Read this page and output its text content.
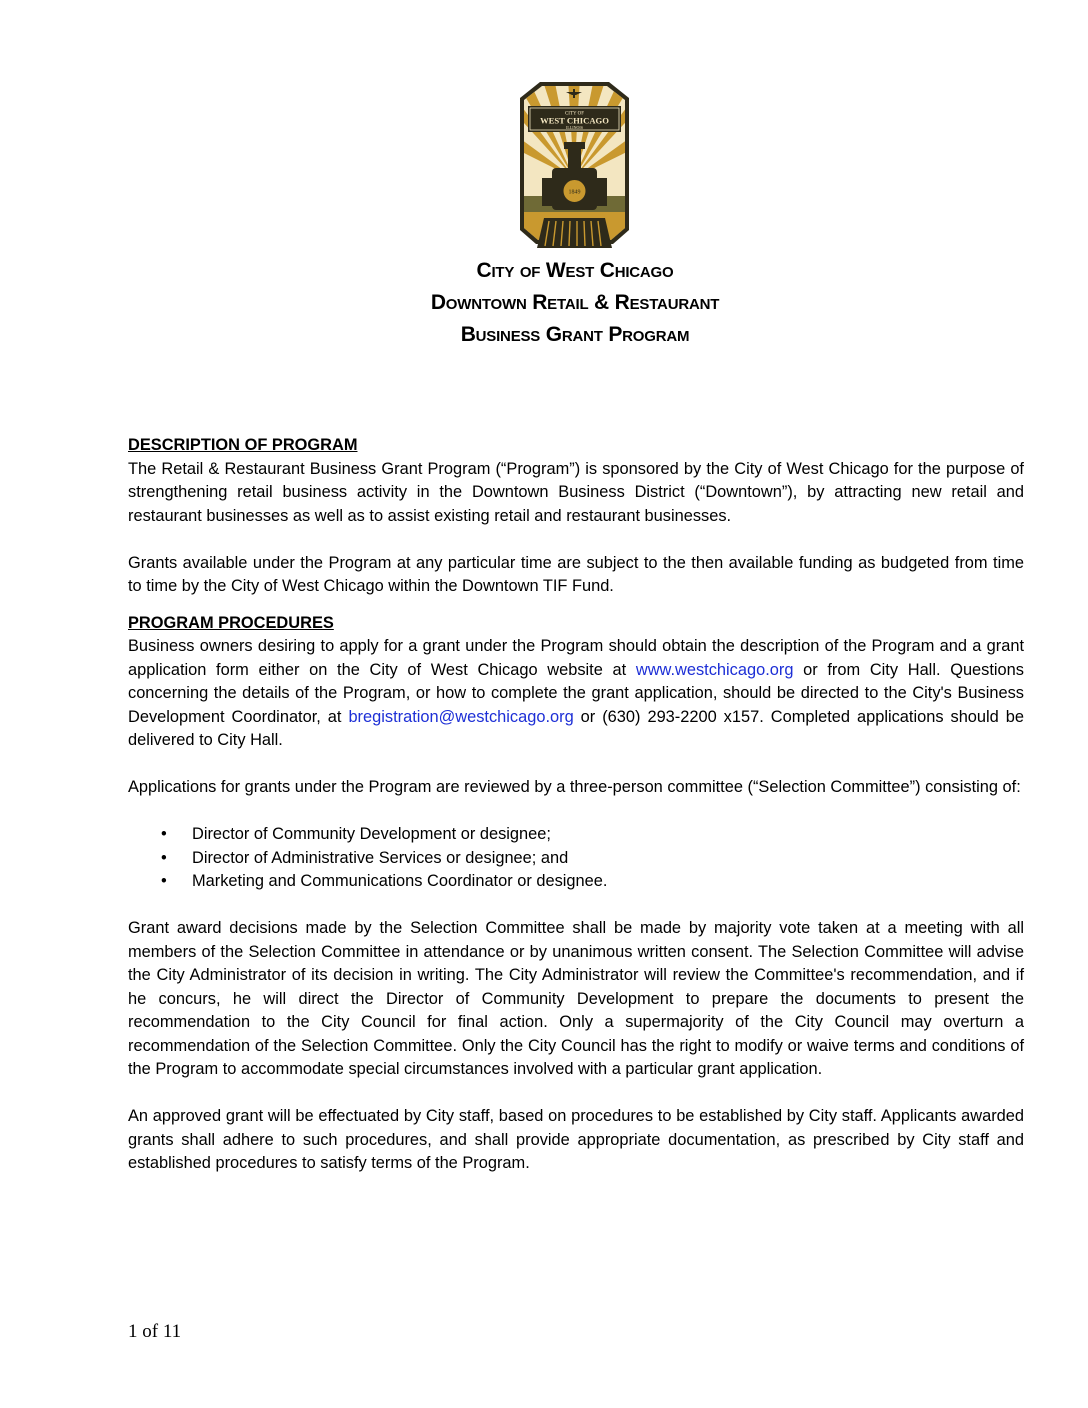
CITY OF
WEST CHICAGO
ILLINOIS
1849
City of West Chicago
Downtown Retail & Restaurant
Business Grant Program
DESCRIPTION OF PROGRAM

The Retail & Restaurant Business Grant Program (“Program”) is sponsored by the City of West Chicago for the purpose of strengthening retail business activity in the Downtown Business District (“Downtown”), by attracting new retail and restaurant businesses as well as to assist existing retail and restaurant businesses.

Grants available under the Program at any particular time are subject to the then available funding as budgeted from time to time by the City of West Chicago within the Downtown TIF Fund.

PROGRAM PROCEDURES

Business owners desiring to apply for a grant under the Program should obtain the description of the Program and a grant application form either on the City of West Chicago website at www.westchicago.org or from City Hall. Questions concerning the details of the Program, or how to complete the grant application, should be directed to the City's Business Development Coordinator, at bregistration@westchicago.org or (630) 293-2200 x157. Completed applications should be delivered to City Hall.

Applications for grants under the Program are reviewed by a three-person committee (“Selection Committee”) consisting of:

• Director of Community Development or designee;
• Director of Administrative Services or designee; and
• Marketing and Communications Coordinator or designee.

Grant award decisions made by the Selection Committee shall be made by majority vote taken at a meeting with all members of the Selection Committee in attendance or by unanimous written consent. The Selection Committee will advise the City Administrator of its decision in writing. The City Administrator will review the Committee's recommendation, and if he concurs, he will direct the Director of Community Development to prepare the documents to present the recommendation to the City Council for final action. Only a supermajority of the City Council may overturn a recommendation of the Selection Committee. Only the City Council has the right to modify or waive terms and conditions of the Program to accommodate special circumstances involved with a particular grant application.

An approved grant will be effectuated by City staff, based on procedures to be established by City staff. Applicants awarded grants shall adhere to such procedures, and shall provide appropriate documentation, as prescribed by City staff and established procedures to satisfy terms of the Program.

1 of 11
